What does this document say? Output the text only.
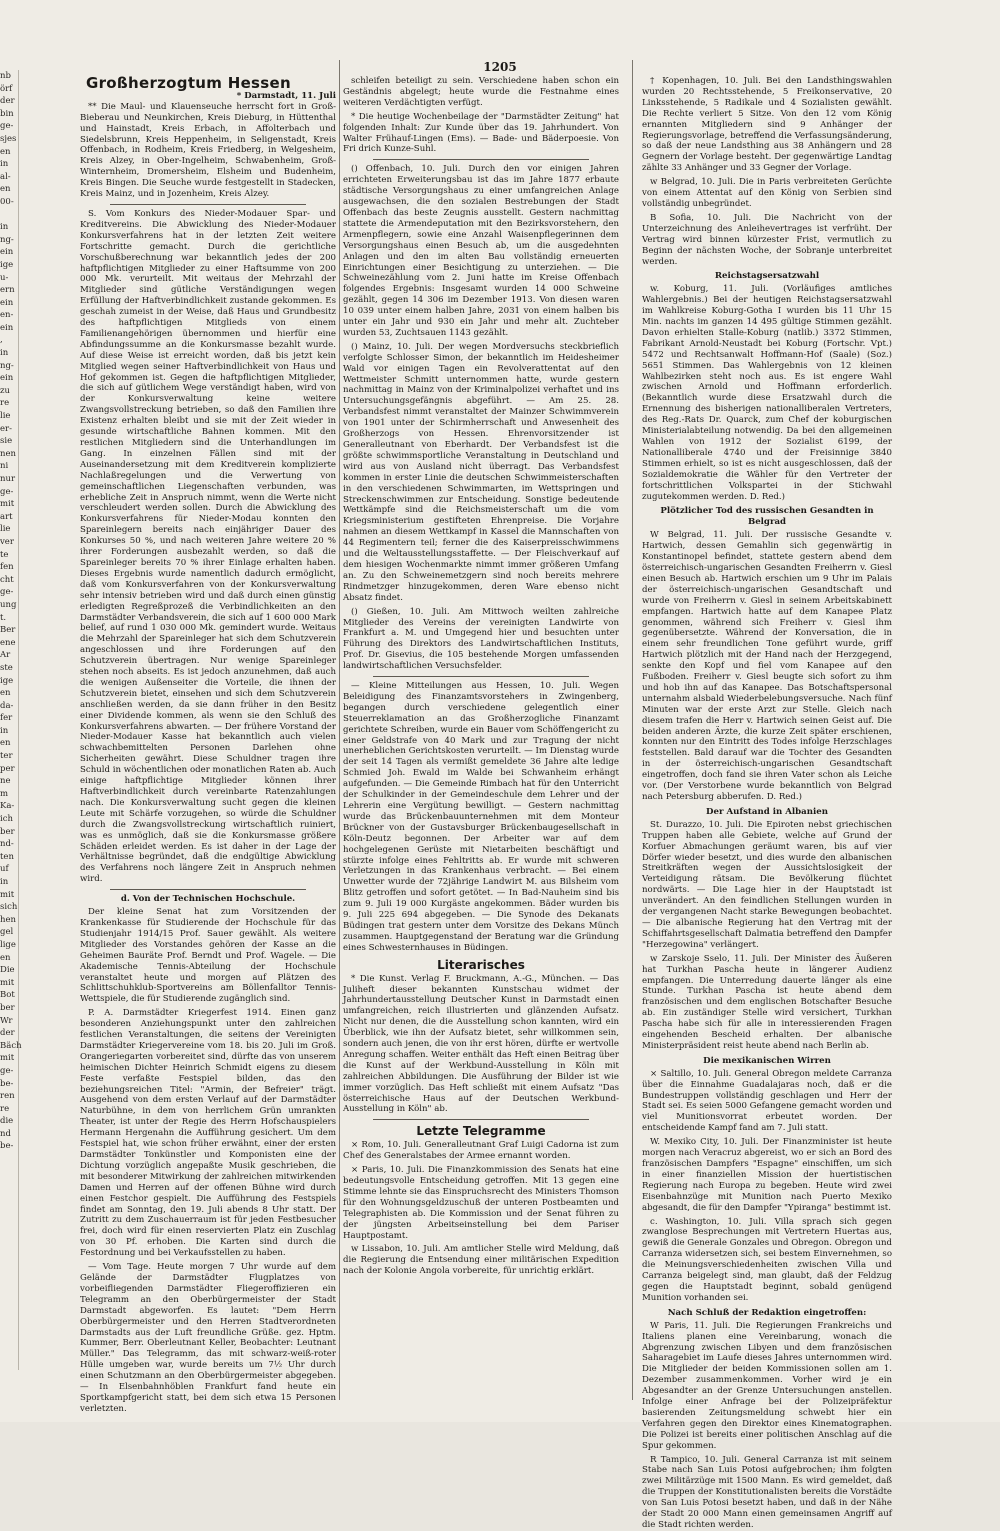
nb
örf
der
bin
ge-
sjes
en
in
al-
en
00-

in
ng-
ein
ige
u-
ern
ein
en-
ein
,
in
ng-
ein
zu
re
lie
er-
sie
nen
ni
nur
ge-
mit
art
lie
ver
te
fen
cht
ge-
ung
t.
Ber
ene
Ar
ste
ige
en
da-
fer
in
en
ter
per
ne
m
Ka-
ich
ber
nd-
ten
uf
in
mit
sich
hen
gel
lige
en
Die
mit
Bot
ber
Wr
der
Bäch
mit
ge-
be-
ren
re
die
nd
be-
1205
Großherzogtum Hessen
* Darmstadt, 11. Juli

** Die Maul- und Klauenseuche herrscht fort in Groß-Bieberau und Neunkirchen, Kreis Dieburg, in Hüttenthal und Hainstadt, Kreis Erbach, in Affolterbach und Siedelsbrunn, Kreis Heppenheim, in Seligenstadt, Kreis Offenbach, in Rodheim, Kreis Friedberg, in Welgesheim, Kreis Alzey, in Ober-Ingelheim, Schwabenheim, Groß-Winternheim, Dromersheim, Elsheim und Budenheim, Kreis Bingen. Die Seuche wurde festgestellt in Stadecken, Kreis Mainz, und in Jozenheim, Kreis Alzey.

S. Vom Konkurs des Nieder-Modauer Spar- und Kreditvereins. Die Abwicklung des Nieder-Modauer Konkursverfahrens hat in der letzten Zeit weitere Fortschritte gemacht. Durch die gerichtliche Vorschußberechnung war bekanntlich jedes der 200 haftpflichtigen Mitglieder zu einer Haftsumme von 200 000 Mk. verurteilt. Mit weitaus der Mehrzahl der Mitglieder sind gütliche Verständigungen wegen Erfüllung der Haftverbindlichkeit zustande gekommen. Es geschah zumeist in der Weise, daß Haus und Grundbesitz des haftpflichtigen Mitglieds von einem Familienangehörigen übernommen und hierfür eine Abfindungssumme an die Konkursmasse bezahlt wurde. Auf diese Weise ist erreicht worden, daß bis jetzt kein Mitglied wegen seiner Haftverbindlichkeit von Haus und Hof gekommen ist. Gegen die haftpflichtigen Mitglieder, die sich auf gütlichem Wege verständigt haben, wird von der Konkursverwaltung keine weitere Zwangsvollstreckung betrieben, so daß den Familien ihre Existenz erhalten bleibt und sie mit der Zeit wieder in gesunde wirtschaftliche Bahnen kommen. Mit den restlichen Mitgliedern sind die Unterhandlungen im Gang. In einzelnen Fällen sind mit der Auseinandersetzung mit dem Kreditverein komplizierte Nachlaßregelungen und die Verwertung von gemeinschaftlichen Liegenschaften verbunden, was erhebliche Zeit in Anspruch nimmt, wenn die Werte nicht verschleudert werden sollen. Durch die Abwicklung des Konkursverfahrens für Nieder-Modau konnten den Spareinlegern bereits nach einjähriger Dauer des Konkurses 50 %, und nach weiteren Jahre weitere 20 % ihrer Forderungen ausbezahlt werden, so daß die Spareinleger bereits 70 % ihrer Einlage erhalten haben. Dieses Ergebnis wurde namentlich dadurch ermöglicht, daß vom Konkursverfahren von der Konkursverwaltung sehr intensiv betrieben wird und daß durch einen günstig erledigten Regreßprozeß die Verbindlichkeiten an den Darmstädter Verbandsverein, die sich auf 1 600 000 Mark belief, auf rund 1 030 000 Mk. gemindert wurde. Weitaus die Mehrzahl der Spareinleger hat sich dem Schutzverein angeschlossen und ihre Forderungen auf den Schutzverein übertragen. Nur wenige Spareinleger stehen noch abseits. Es ist jedoch anzunehmen, daß auch die wenigen Außenseiter die Vorteile, die ihnen der Schutzverein bietet, einsehen und sich dem Schutzverein anschließen werden, da sie dann früher in den Besitz einer Dividende kommen, als wenn sie den Schluß des Konkursverfahrens abwarten. — Der frühere Vorstand der Nieder-Modauer Kasse hat bekanntlich auch vielen schwachbemittelten Personen Darlehen ohne Sicherheiten gewährt. Diese Schuldner tragen ihre Schuld in wöchentlichen oder monatlichen Raten ab. Auch einige haftpflichtige Mitglieder können ihrer Haftverbindlichkeit durch vereinbarte Ratenzahlungen nach. Die Konkursverwaltung sucht gegen die kleinen Leute mit Schärfe vorzugehen, so würde die Schuldner durch die Zwangsvollstreckung wirtschaftlich ruiniert, was es unmöglich, daß sie die Konkursmasse größere Schäden erleidet werden. Es ist daher in der Lage der Verhältnisse begründet, daß die endgültige Abwicklung des Verfahrens noch längere Zeit in Anspruch nehmen wird.

d. Von der Technischen Hochschule.

Der kleine Senat hat zum Vorsitzenden der Krankenkasse für Studierende der Hochschule für das Studienjahr 1914/15 Prof. Sauer gewählt. Als weitere Mitglieder des Vorstandes gehören der Kasse an die Geheimen Bauräte Prof. Berndt und Prof. Wagele. — Die Akademische Tennis-Abteilung der Hochschule veranstaltet heute und morgen auf Plätzen des Schlittschuhklub-Sportvereins am Böllenfalltor Tennis-Wettspiele, die für Studierende zugänglich sind.

P. A. Darmstädter Kriegerfest 1914. Einen ganz besonderen Anziehungspunkt unter den zahlreichen festlichen Veranstaltungen, die seitens der Vereinigten Darmstädter Kriegervereine vom 18. bis 20. Juli im Groß. Orangeriegarten vorbereitet sind, dürfte das von unserem heimischen Dichter Heinrich Schmidt eigens zu diesem Feste verfaßte Festspiel bilden, das den beziehungsreichen Titel: "Armin, der Befreier" trägt. Ausgehend von dem ersten Verlauf auf der Darmstädter Naturbühne, in dem von herrlichem Grün umrankten Theater, ist unter der Regie des Herrn Hofschauspielers Hermann Hergenahn die Aufführung gesichert. Um dem Festspiel hat, wie schon früher erwähnt, einer der ersten Darmstädter Tonkünstler und Komponisten eine der Dichtung vorzüglich angepaßte Musik geschrieben, die mit besonderer Mitwirkung der zahlreichen mitwirkenden Damen und Herren auf der offenen Bühne wird durch einen Festchor gespielt. Die Aufführung des Festspiels findet am Sonntag, den 19. Juli abends 8 Uhr statt. Der Zutritt zu dem Zuschauerraum ist für jeden Festbesucher frei, doch wird für einen reservierten Platz ein Zuschlag von 30 Pf. erhoben. Die Karten sind durch die Festordnung und bei Verkaufsstellen zu haben.

— Vom Tage. Heute morgen 7 Uhr wurde auf dem Gelände der Darmstädter Flugplatzes von vorbeifliegenden Darmstädter Fliegeroffizieren ein Telegramm an den Oberbürgermeister der Stadt Darmstadt abgeworfen. Es lautet: "Dem Herrn Oberbürgermeister und den Herren Stadtverordneten Darmstadts aus der Luft freundliche Grüße. gez. Hptm. Kummer, Berr. Oberleutnant Keller, Beobachter: Leutnant Müller." Das Telegramm, das mit schwarz-weiß-roter Hülle umgeben war, wurde bereits um 7½ Uhr durch einen Schutzmann an den Oberbürgermeister abgegeben. — In Elsenbahnhöblen Frankfurt fand heute ein Sportkampfgericht statt, bei dem sich etwa 15 Personen verletzten.

schleifen beteiligt zu sein. Verschiedene haben schon ein Geständnis abgelegt; heute wurde die Festnahme eines weiteren Verdächtigten verfügt.

* Die heutige Wochenbeilage der "Darmstädter Zeitung" hat folgenden Inhalt: Zur Kunde über das 19. Jahrhundert. Von Walter Frühauf-Lingen (Ems). — Bade- und Bäderpoesie. Von Fri drich Kunze-Suhl.

() Offenbach, 10. Juli. Durch den vor einigen Jahren errichteten Erweiterungsbau ist das im Jahre 1877 erbaute städtische Versorgungshaus zu einer umfangreichen Anlage ausgewachsen, die den sozialen Bestrebungen der Stadt Offenbach das beste Zeugnis ausstellt. Gestern nachmittag stattete die Armendeputation mit den Bezirksvorstehern, den Armenpflegern, sowie eine Anzahl Waisenpflegerinnen dem Versorgungshaus einen Besuch ab, um die ausgedehnten Anlagen und den im alten Bau vollständig erneuerten Einrichtungen einer Besichtigung zu unterziehen. — Die Schweinezählung vom 2. Juni hatte im Kreise Offenbach folgendes Ergebnis: Insgesamt wurden 14 000 Schweine gezählt, gegen 14 306 im Dezember 1913. Von diesen waren 10 039 unter einem halben Jahre, 2031 von einem halben bis unter ein Jahr und 930 ein Jahr und mehr alt. Zuchteber wurden 53, Zuchtsauen 1143 gezählt.

() Mainz, 10. Juli. Der wegen Mordversuchs steckbrieflich verfolgte Schlosser Simon, der bekanntlich im Heidesheimer Wald vor einigen Tagen ein Revolverattentat auf den Wettmeister Schmitt unternommen hatte, wurde gestern nachmittag in Mainz von der Kriminalpolizei verhaftet und ins Untersuchungsgefängnis abgeführt. — Am 25. 28. Verbandsfest nimmt veranstaltet der Mainzer Schwimmverein von 1901 unter der Schirmherrschaft und Anwesenheit des Großherzogs von Hessen. Ehrenvorsitzender ist Generalleutnant von Eberhardt. Der Verbandsfest ist die größte schwimmsportliche Veranstaltung in Deutschland und wird aus von Ausland nicht überragt. Das Verbandsfest kommen in erster Linie die deutschen Schwimmeisterschaften in den verschiedenen Schwimmarten, im Wettspringen und Streckenschwimmen zur Entscheidung. Sonstige bedeutende Wettkämpfe sind die Reichsmeisterschaft um die vom Kriegsministerium gestifteten Ehrenpreise. Die Vorjahre nahmen an diesem Wettkampf in Kassel die Mannschaften von 44 Regimentern teil; ferner die des Kaiserpreisschwimmens und die Weltausstellungsstaffette. — Der Fleischverkauf auf dem hiesigen Wochenmarkte nimmt immer größeren Umfang an. Zu den Schweinemetzgern sind noch bereits mehrere Rindmetzger hinzugekommen, deren Ware ebenso nicht Absatz findet.

() Gießen, 10. Juli. Am Mittwoch weilten zahlreiche Mitglieder des Vereins der vereinigten Landwirte von Frankfurt a. M. und Umgegend hier und besuchten unter Führung des Direktors des Landwirtschaftlichen Instituts, Prof. Dr. Gisevius, die 105 bestehende Morgen umfassenden landwirtschaftlichen Versuchsfelder.

— Kleine Mitteilungen aus Hessen, 10. Juli. Wegen Beleidigung des Finanzamtsvorstehers in Zwingenberg, begangen durch verschiedene gelegentlich einer Steuerreklamation an das Großherzogliche Finanzamt gerichtete Schreiben, wurde ein Bauer vom Schöffengericht zu einer Geldstrafe von 40 Mark und zur Tragung der nicht unerheblichen Gerichtskosten verurteilt. — Im Dienstag wurde der seit 14 Tagen als vermißt gemeldete 36 Jahre alte ledige Schmied Joh. Ewald im Walde bei Schwanheim erhängt aufgefunden. — Die Gemeinde Rimbach hat für den Unterricht der Schulkinder in der Gemeindeschule dem Lehrer und der Lehrerin eine Vergütung bewilligt. — Gestern nachmittag wurde das Brückenbauunternehmen mit dem Monteur Brückner von der Gustavsburger Brückenbaugesellschaft in Köln-Deutz begonnen. Der Arbeiter war auf dem hochgelegenen Gerüste mit Nietarbeiten beschäftigt und stürzte infolge eines Fehltritts ab. Er wurde mit schweren Verletzungen in das Krankenhaus verbracht. — Bei einem Unwetter wurde der 72jährige Landwirt M. aus Bilsheim vom Blitz getroffen und sofort getötet. — In Bad-Nauheim sind bis zum 9. Juli 19 000 Kurgäste angekommen. Bäder wurden bis 9. Juli 225 694 abgegeben. — Die Synode des Dekanats Büdingen trat gestern unter dem Vorsitze des Dekans Münch zusammen. Hauptgegenstand der Beratung war die Gründung eines Schwesternhauses in Büdingen.

Literarisches

* Die Kunst. Verlag F. Bruckmann, A.-G., München. — Das Juliheft dieser bekannten Kunstschau widmet der Jahrhundertausstellung Deutscher Kunst in Darmstadt einen umfangreichen, reich illustrierten und glänzenden Aufsatz. Nicht nur denen, die die Ausstellung schon kannten, wird ein Überblick, wie ihn der Aufsatz bietet, sehr willkommen sein, sondern auch jenen, die von ihr erst hören, dürfte er wertvolle Anregung schaffen. Weiter enthält das Heft einen Beitrag über die Kunst auf der Werkbund-Ausstellung in Köln mit zahlreichen Abbildungen. Die Ausführung der Bilder ist wie immer vorzüglich. Das Heft schließt mit einem Aufsatz "Das österreichische Haus auf der Deutschen Werkbund-Ausstellung in Köln" ab.

Letzte Telegramme

× Rom, 10. Juli. Generalleutnant Graf Luigi Cadorna ist zum Chef des Generalstabes der Armee ernannt worden.

× Paris, 10. Juli. Die Finanzkommission des Senats hat eine bedeutungsvolle Entscheidung getroffen. Mit 13 gegen eine Stimme lehnte sie das Einspruchsrecht des Ministers Thomson für den Wohnungsgeldzuschuß der unteren Postbeamten und Telegraphisten ab. Die Kommission und der Senat führen zu der jüngsten Arbeitseinstellung bei dem Pariser Hauptpostamt.

w Lissabon, 10. Juli. Am amtlicher Stelle wird Meldung, daß die Regierung die Entsendung einer militärischen Expedition nach der Kolonie Angola vorbereite, für unrichtig erklärt.

† Kopenhagen, 10. Juli. Bei den Landsthingswahlen wurden 20 Rechtsstehende, 5 Freikonservative, 20 Linksstehende, 5 Radikale und 4 Sozialisten gewählt. Die Rechte verliert 5 Sitze. Von den 12 vom König ernannten Mitgliedern sind 9 Anhänger der Regierungsvorlage, betreffend die Verfassungsänderung, so daß der neue Landsthing aus 38 Anhängern und 28 Gegnern der Vorlage besteht. Der gegenwärtige Landtag zählte 33 Anhänger und 33 Gegner der Vorlage.

w Belgrad, 10. Juli. Die in Paris verbreiteten Gerüchte von einem Attentat auf den König von Serbien sind vollständig unbegründet.

B Sofia, 10. Juli. Die Nachricht von der Unterzeichnung des Anleihevertrages ist verfrüht. Der Vertrag wird binnen kürzester Frist, vermutlich zu Beginn der nächsten Woche, der Sobranje unterbreitet werden.

Reichstagsersatzwahl

w. Koburg, 11. Juli. (Vorläufiges amtliches Wahlergebnis.) Bei der heutigen Reichstagsersatzwahl im Wahlkreise Koburg-Gotha I wurden bis 11 Uhr 15 Min. nachts im ganzen 14 495 gültige Stimmen gezählt. Davon erhielten Stalle-Koburg (natlib.) 3372 Stimmen, Fabrikant Arnold-Neustadt bei Koburg (Fortschr. Vpt.) 5472 und Rechtsanwalt Hoffmann-Hof (Saale) (Soz.) 5651 Stimmen. Das Wahlergebnis von 12 kleinen Wahlbezirken steht noch aus. Es ist engere Wahl zwischen Arnold und Hoffmann erforderlich. (Bekanntlich wurde diese Ersatzwahl durch die Ernennung des bisherigen nationalliberalen Vertreters, des Reg.-Rats Dr. Quarck, zum Chef der koburgischen Ministerialabteilung notwendig. Da bei den allgemeinen Wahlen von 1912 der Sozialist 6199, der Nationalliberale 4740 und der Freisinnige 3840 Stimmen erhielt, so ist es nicht ausgeschlossen, daß der Sozialdemokratie die Wähler für den Vertreter der fortschrittlichen Volkspartei in der Stichwahl zugutekommen werden. D. Red.)

Plötzlicher Tod des russischen Gesandten in Belgrad

W Belgrad, 11. Juli. Der russische Gesandte v. Hartwich, dessen Gemahlin sich gegenwärtig in Konstantinopel befindet, stattete gestern abend dem österreichisch-ungarischen Gesandten Freiherrn v. Giesl einen Besuch ab. Hartwich erschien um 9 Uhr im Palais der österreichisch-ungarischen Gesandtschaft und wurde von Freiherrn v. Giesl in seinem Arbeitskabinett empfangen. Hartwich hatte auf dem Kanapee Platz genommen, während sich Freiherr v. Giesl ihm gegenübersetzte. Während der Konversation, die in einem sehr freundlichen Tone geführt wurde, griff Hartwich plötzlich mit der Hand nach der Herzgegend, senkte den Kopf und fiel vom Kanapee auf den Fußboden. Freiherr v. Giesl beugte sich sofort zu ihm und hob ihn auf das Kanapee. Das Botschaftspersonal unternahm alsbald Wiederbelebungsversuche. Nach fünf Minuten war der erste Arzt zur Stelle. Gleich nach diesem trafen die Herr v. Hartwich seinen Geist auf. Die beiden anderen Ärzte, die kurze Zeit später erschienen, konnten nur den Eintritt des Todes infolge Herzschlages feststellen. Bald darauf war die Tochter des Gesandten in der österreichisch-ungarischen Gesandtschaft eingetroffen, doch fand sie ihren Vater schon als Leiche vor. (Der Verstorbene wurde bekanntlich von Belgrad nach Petersburg abberufen. D. Red.)

Der Aufstand in Albanien

St. Durazzo, 10. Juli. Die Epiroten nebst griechischen Truppen haben alle Gebiete, welche auf Grund der Korfuer Abmachungen geräumt waren, bis auf vier Dörfer wieder besetzt, und dies wurde den albanischen Streitkräften wegen der Aussichtslosigkeit der Verteidigung rätsam. Die Bevölkerung flüchtet nordwärts. — Die Lage hier in der Hauptstadt ist unverändert. An den feindlichen Stellungen wurden in der vergangenen Nacht starke Bewegungen beobachtet. — Die albanische Regierung hat den Vertrag mit der Schiffahrtsgesellschaft Dalmatia betreffend den Dampfer "Herzegowina" verlängert.

w Zarskoje Sselo, 11. Juli. Der Minister des Äußeren hat Turkhan Pascha heute in längerer Audienz empfangen. Die Unterredung dauerte länger als eine Stunde. Turkhan Pascha ist heute abend dem französischen und dem englischen Botschafter Besuche ab. Ein zuständiger Stelle wird versichert, Turkhan Pascha habe sich für alle in interessierenden Fragen eingehenden Bescheid erhalten. Der albanische Ministerpräsident reist heute abend nach Berlin ab.

Die mexikanischen Wirren

× Saltillo, 10. Juli. General Obregon meldete Carranza über die Einnahme Guadalajaras noch, daß er die Bundestruppen vollständig geschlagen und Herr der Stadt sei. Es seien 5000 Gefangene gemacht worden und viel Munitionsvorrat erbeutet worden. Der entscheidende Kampf fand am 7. Juli statt.

W. Mexiko City, 10. Juli. Der Finanzminister ist heute morgen nach Veracruz abgereist, wo er sich an Bord des französischen Dampfers "Espagne" einschiffen, um sich in einer finanziellen Mission der huertistischen Regierung nach Europa zu begeben. Heute wird zwei Eisenbahnzüge mit Munition nach Puerto Mexiko abgesandt, die für den Dampfer "Ypiranga" bestimmt ist.

c. Washington, 10. Juli. Villa sprach sich gegen zwanglose Besprechungen mit Vertretern Huertas aus, gewiß die Generale Gonzales und Obregon. Obregon und Carranza widersetzen sich, sei bestem Einvernehmen, so die Meinungsverschiedenheiten zwischen Villa und Carranza beigelegt sind, man glaubt, daß der Feldzug gegen die Hauptstadt beginnt, sobald genügend Munition vorhanden sei.

Nach Schluß der Redaktion eingetroffen:

W Paris, 11. Juli. Die Regierungen Frankreichs und Italiens planen eine Vereinbarung, wonach die Abgrenzung zwischen Libyen und dem französischen Saharagebiet im Laufe dieses Jahres unternommen wird. Die Mitglieder der beiden Kommissionen sollen am 1. Dezember zusammenkommen. Vorher wird je ein Abgesandter an der Grenze Untersuchungen anstellen. Infolge einer Anfrage bei der Polizeipräfektur basierenden Zeitungsmeldung schwebt hier ein Verfahren gegen den Direktor eines Kinematographen. Die Polizei ist bereits einer politischen Anschlag auf die Spur gekommen.

R Tampico, 10. Juli. General Carranza ist mit seinem Stabe nach San Luis Potosi aufgebrochen; ihm folgten zwei Militärzüge mit 1500 Mann. Es wird gemeldet, daß die Truppen der Konstitutionalisten bereits die Vorstädte von San Luis Potosi besetzt haben, und daß in der Nähe der Stadt 20 000 Mann einen gemeinsamen Angriff auf die Stadt richten werden.
